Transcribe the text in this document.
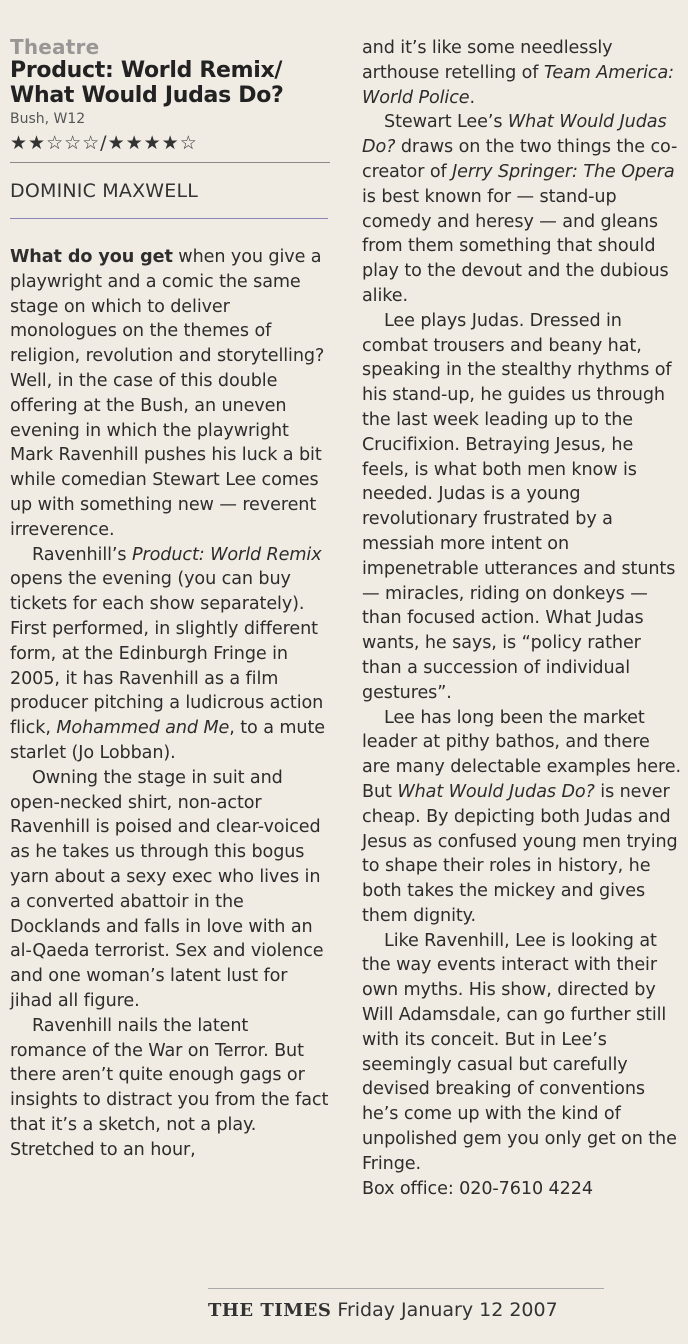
Theatre
Product: World Remix/ What Would Judas Do?
Bush, W12
★★☆☆☆/★★★★☆
DOMINIC MAXWELL

What do you get when you give a playwright and a comic the same stage on which to deliver monologues on the themes of religion, revolution and storytelling? Well, in the case of this double offering at the Bush, an uneven evening in which the playwright Mark Ravenhill pushes his luck a bit while comedian Stewart Lee comes up with something new — reverent irreverence.

Ravenhill’s Product: World Remix opens the evening (you can buy tickets for each show separately). First performed, in slightly different form, at the Edinburgh Fringe in 2005, it has Ravenhill as a film producer pitching a ludicrous action flick, Mohammed and Me, to a mute starlet (Jo Lobban).

Owning the stage in suit and open-necked shirt, non-actor Ravenhill is poised and clear-voiced as he takes us through this bogus yarn about a sexy exec who lives in a converted abattoir in the Docklands and falls in love with an al-Qaeda terrorist. Sex and violence and one woman’s latent lust for jihad all figure.

Ravenhill nails the latent romance of the War on Terror. But there aren’t quite enough gags or insights to distract you from the fact that it’s a sketch, not a play. Stretched to an hour,

and it’s like some needlessly arthouse retelling of Team America: World Police.

Stewart Lee’s What Would Judas Do? draws on the two things the co-creator of Jerry Springer: The Opera is best known for — stand-up comedy and heresy — and gleans from them something that should play to the devout and the dubious alike.

Lee plays Judas. Dressed in combat trousers and beany hat, speaking in the stealthy rhythms of his stand-up, he guides us through the last week leading up to the Crucifixion. Betraying Jesus, he feels, is what both men know is needed. Judas is a young revolutionary frustrated by a messiah more intent on impenetrable utterances and stunts — miracles, riding on donkeys — than focused action. What Judas wants, he says, is “policy rather than a succession of individual gestures”.

Lee has long been the market leader at pithy bathos, and there are many delectable examples here. But What Would Judas Do? is never cheap. By depicting both Judas and Jesus as confused young men trying to shape their roles in history, he both takes the mickey and gives them dignity.

Like Ravenhill, Lee is looking at the way events interact with their own myths. His show, directed by Will Adamsdale, can go further still with its conceit. But in Lee’s seemingly casual but carefully devised breaking of conventions he’s come up with the kind of unpolished gem you only get on the Fringe.

Box office: 020-7610 4224

THE TIMES Friday January 12 2007
